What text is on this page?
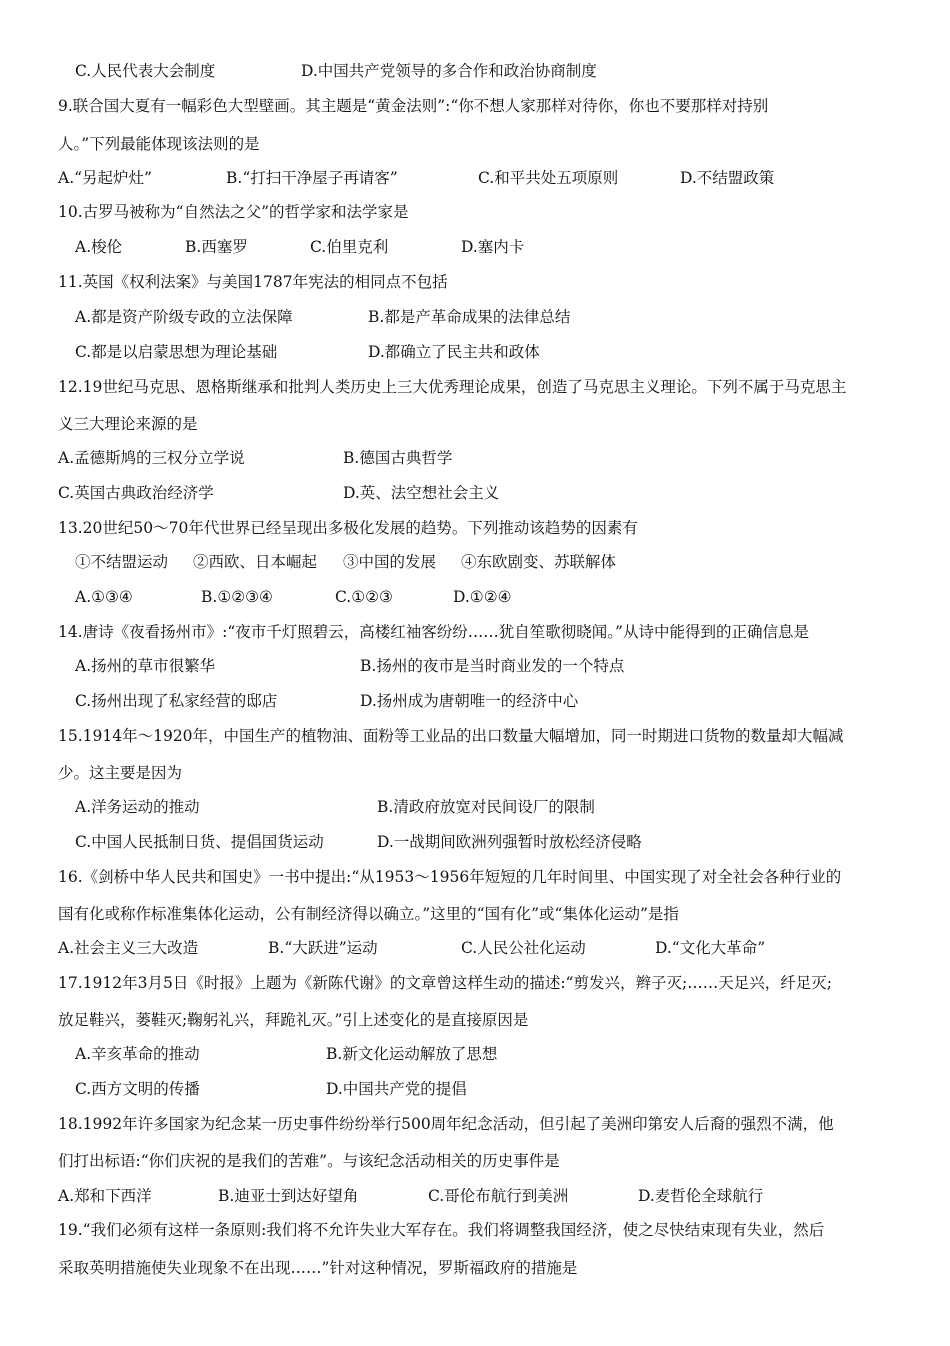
C.人民代表大会制度	D.中国共产党领导的多合作和政治协商制度
9.联合国大夏有一幅彩色大型壁画。其主题是“黄金法则”:“你不想人家那样对待你，你也不要那样对持别
人。”下列最能体现该法则的是
A.“另起炉灶”	B.“打扫干净屋子再请客”	C.和平共处五项原则	D.不结盟政策
10.古罗马被称为“自然法之父”的哲学家和法学家是
A.梭伦	B.西塞罗	C.伯里克利	D.塞内卡
11.英国《权利法案》与美国1787年宪法的相同点不包括
A.都是资产阶级专政的立法保障	B.都是产革命成果的法律总结
C.都是以启蒙思想为理论基础	D.都确立了民主共和政体
12.19世纪马克思、恩格斯继承和批判人类历史上三大优秀理论成果，创造了马克思主义理论。下列不属于马克思主
义三大理论来源的是
A.孟德斯鸠的三权分立学说	B.德国古典哲学
C.英国古典政治经济学	D.英、法空想社会主义
13.20世纪50～70年代世界已经呈现出多极化发展的趋势。下列推动该趋势的因素有
①不结盟运动 ②西欧、日本崛起 ③中国的发展 ④东欧剧变、苏联解体
A.①③④	B.①②③④	C.①②③	D.①②④
14.唐诗《夜看扬州市》:“夜市千灯照碧云，高楼红袖客纷纷……犹自笙歌彻晓闻。”从诗中能得到的正确信息是
A.扬州的草市很繁华	B.扬州的夜市是当时商业发的一个特点
C.扬州出现了私家经营的邸店	D.扬州成为唐朝唯一的经济中心
15.1914年～1920年，中国生产的植物油、面粉等工业品的出口数量大幅增加，同一时期进口货物的数量却大幅减
少。这主要是因为
A.洋务运动的推动	B.清政府放宽对民间设厂的限制
C.中国人民抵制日货、提倡国货运动	D.一战期间欧洲列强暂时放松经济侵略
16.《剑桥中华人民共和国史》一书中提出:“从1953～1956年短短的几年时间里、中国实现了对全社会各种行业的
国有化或称作标准集体化运动，公有制经济得以确立。”这里的“国有化”或“集体化运动”是指
A.社会主义三大改造	B.“大跃进”运动	C.人民公社化运动	D.“文化大革命”
17.1912年3月5日《时报》上题为《新陈代谢》的文章曾这样生动的描述:“剪发兴，辫子灭;……天足兴，纤足灭;
放足鞋兴，蒌鞋灭;鞠躬礼兴，拜跪礼灭。”引上述变化的是直接原因是
A.辛亥革命的推动	B.新文化运动解放了思想
C.西方文明的传播	D.中国共产党的提倡
18.1992年许多国家为纪念某一历史事件纷纷举行500周年纪念活动，但引起了美洲印第安人后裔的强烈不满，他
们打出标语:“你们庆祝的是我们的苦难”。与该纪念活动相关的历史事件是
A.郑和下西洋	B.迪亚士到达好望角	C.哥伦布航行到美洲	D.麦哲伦全球航行
19.“我们必须有这样一条原则:我们将不允许失业大军存在。我们将调整我国经济，使之尽快结束现有失业，然后
采取英明措施使失业现象不在出现……”针对这种情况，罗斯福政府的措施是
